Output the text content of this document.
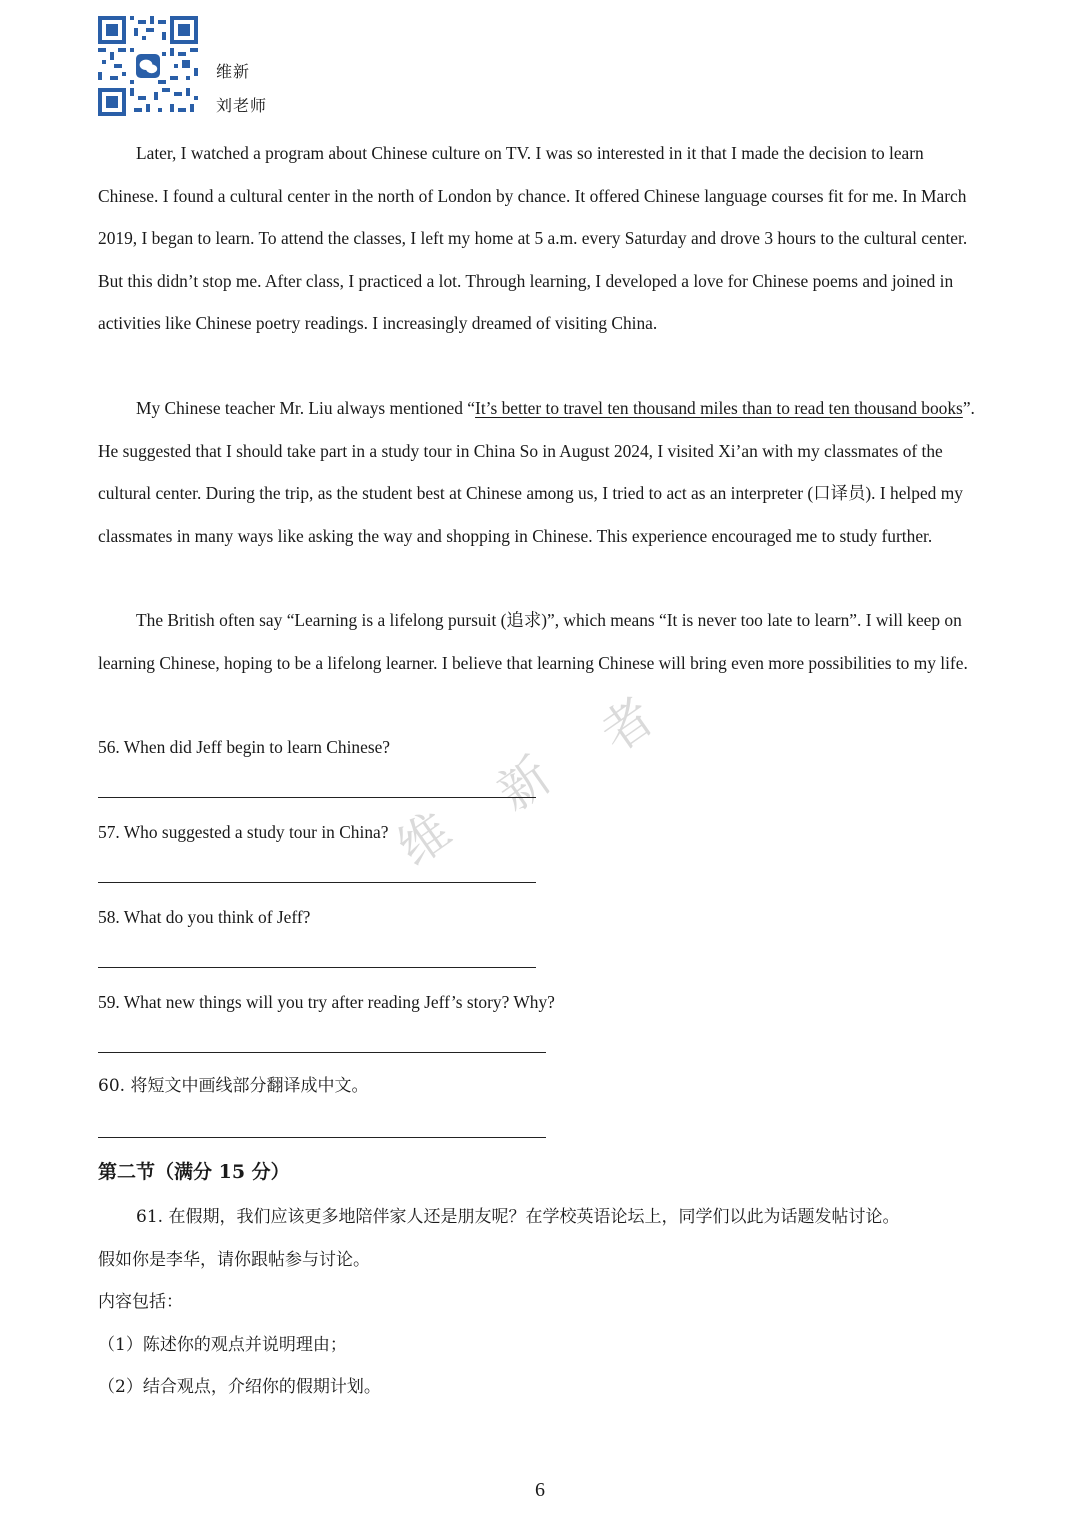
维新
刘老师
维
新
者

Later, I watched a program about Chinese culture on TV. I was so interested in it that I made the decision to learn Chinese. I found a cultural center in the north of London by chance. It offered Chinese language courses fit for me. In March 2019, I began to learn. To attend the classes, I left my home at 5 a.m. every Saturday and drove 3 hours to the cultural center. But this didn’t stop me. After class, I practiced a lot. Through learning, I developed a love for Chinese poems and joined in activities like Chinese poetry readings. I increasingly dreamed of visiting China.

My Chinese teacher Mr. Liu always mentioned “It’s better to travel ten thousand miles than to read ten thousand books”. He suggested that I should take part in a study tour in China So in August 2024, I visited Xi’an with my classmates of the cultural center. During the trip, as the student best at Chinese among us, I tried to act as an interpreter (口译员). I helped my classmates in many ways like asking the way and shopping in Chinese. This experience encouraged me to study further.

The British often say “Learning is a lifelong pursuit (追求)”, which means “It is never too late to learn”. I will keep on learning Chinese, hoping to be a lifelong learner. I believe that learning Chinese will bring even more possibilities to my life.

56. When did Jeff begin to learn Chinese?
57. Who suggested a study tour in China?
58. What do you think of Jeff?
59. What new things will you try after reading Jeff’s story? Why?
60. 将短文中画线部分翻译成中文。
第二节（满分 15 分）
61. 在假期，我们应该更多地陪伴家人还是朋友呢？在学校英语论坛上，同学们以此为话题发帖讨论。
假如你是李华，请你跟帖参与讨论。
内容包括：
（1）陈述你的观点并说明理由；
（2）结合观点，介绍你的假期计划。
6
